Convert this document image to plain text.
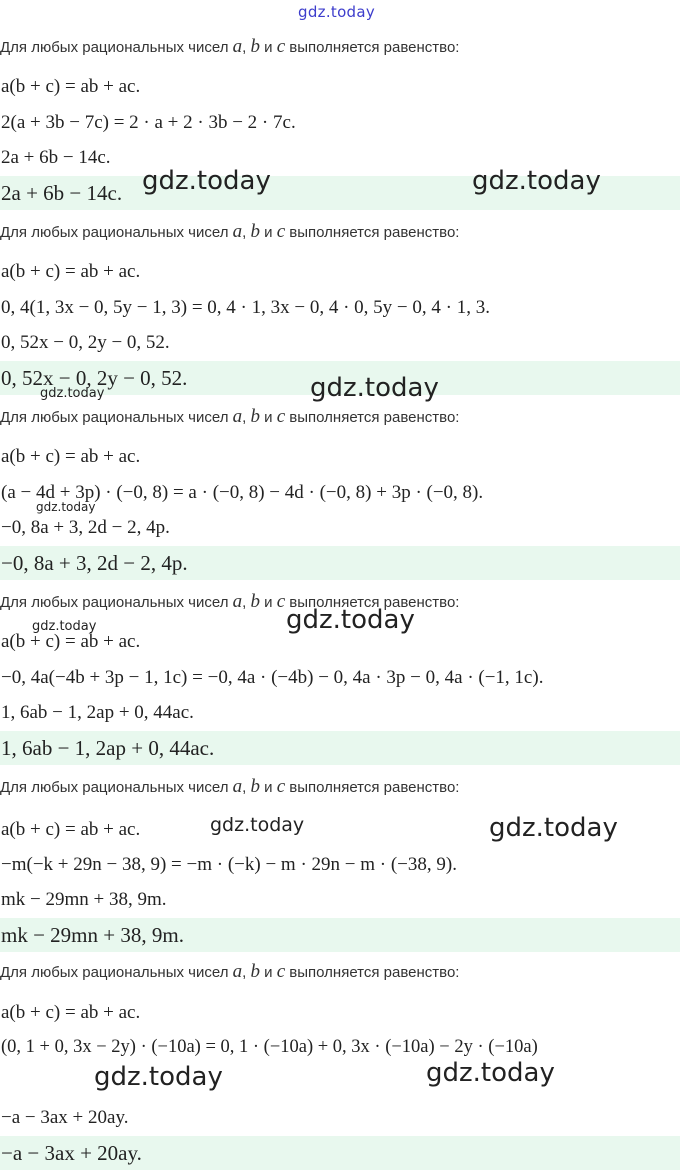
gdz.today
Для любых рациональных чисел a, b и c выполняется равенство:
a(b + c) = ab + ac.
2(a + 3b − 7c) = 2 · a + 2 · 3b − 2 · 7c.
2a + 6b − 14c.
2a + 6b − 14c.
Для любых рациональных чисел a, b и c выполняется равенство:
a(b + c) = ab + ac.
0, 4(1, 3x − 0, 5y − 1, 3) = 0, 4 · 1, 3x − 0, 4 · 0, 5y − 0, 4 · 1, 3.
0, 52x − 0, 2y − 0, 52.
0, 52x − 0, 2y − 0, 52.
Для любых рациональных чисел a, b и c выполняется равенство:
a(b + c) = ab + ac.
(a − 4d + 3p) · (−0, 8) = a · (−0, 8) − 4d · (−0, 8) + 3p · (−0, 8).
−0, 8a + 3, 2d − 2, 4p.
−0, 8a + 3, 2d − 2, 4p.
Для любых рациональных чисел a, b и c выполняется равенство:
a(b + c) = ab + ac.
−0, 4a(−4b + 3p − 1, 1c) = −0, 4a · (−4b) − 0, 4a · 3p − 0, 4a · (−1, 1c).
1, 6ab − 1, 2ap + 0, 44ac.
1, 6ab − 1, 2ap + 0, 44ac.
Для любых рациональных чисел a, b и c выполняется равенство:
a(b + c) = ab + ac.
−m(−k + 29n − 38, 9) = −m · (−k) − m · 29n − m · (−38, 9).
mk − 29mn + 38, 9m.
mk − 29mn + 38, 9m.
Для любых рациональных чисел a, b и c выполняется равенство:
a(b + c) = ab + ac.
(0, 1 + 0, 3x − 2y) · (−10a) = 0, 1 · (−10a) + 0, 3x · (−10a) − 2y · (−10a)
−a − 3ax + 20ay.
−a − 3ax + 20ay.
gdz.today	gdz.today
gdz.today
gdz.today
gdz.today
gdz.today	gdz.today
gdz.today	gdz.today
gdz.today	gdz.today
